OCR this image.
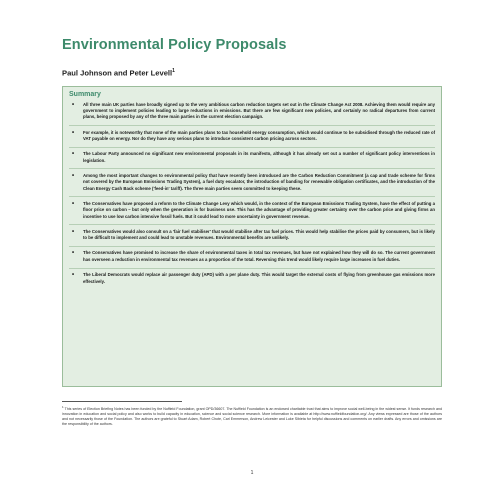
Environmental Policy Proposals
Paul Johnson and Peter Levell$^1$
Summary
• All three main UK parties have broadly signed up to the very ambitious carbon reduction targets set out in the Climate Change Act 2008. Achieving them would require any government to implement policies leading to large reductions in emissions. But there are few significant new policies, and certainly no radical departures from current plans, being proposed by any of the three main parties in the current election campaign.
• For example, it is noteworthy that none of the main parties plans to tax household energy consumption, which would continue to be subsidised through the reduced rate of VAT payable on energy. Nor do they have any serious plans to introduce consistent carbon pricing across sectors.
• The Labour Party announced no significant new environmental proposals in its manifesto, although it has already set out a number of significant policy interventions in legislation.
• Among the most important changes to environmental policy that have recently been introduced are the Carbon Reduction Commitment (a cap and trade scheme for firms not covered by the European Emissions Trading System), a fuel duty escalator, the introduction of banding for renewable obligation certificates, and the introduction of the Clean Energy Cash Back scheme ('feed-in' tariff). The three main parties seem committed to keeping these.
• The Conservatives have proposed a reform to the Climate Change Levy which would, in the context of the European Emissions Trading System, have the effect of putting a floor price on carbon – but only when the generation is for business use. This has the advantage of providing greater certainty over the carbon price and giving firms an incentive to use low carbon intensive fossil fuels. But it could lead to more uncertainty in government revenue.
• The Conservatives would also consult on a 'fair fuel stabiliser' that would stabilise after tax fuel prices. This would help stabilise the prices paid by consumers, but is likely to be difficult to implement and could lead to unstable revenues. Environmental benefits are unlikely.
• The Conservatives have promised to increase the share of environmental taxes in total tax revenues, but have not explained how they will do so. The current government has overseen a reduction in environmental tax revenues as a proportion of the total. Reversing this trend would likely require large increases in fuel duties.
• The Liberal Democrats would replace air passenger duty (APD) with a per plane duty. This would target the external costs of flying from greenhouse gas emissions more effectively.
$^1$ This series of Election Briefing Notes has been funded by the Nuffield Foundation, grant OPD/36607. The Nuffield Foundation is an endowed charitable trust that aims to improve social well-being in the widest sense. It funds research and innovation in education and social policy and also works to build capacity in education, science and social science research. More information is available at http://www.nuffieldfoundation.org/. Any views expressed are those of the authors and not necessarily those of the Foundation. The authors are grateful to Stuart Adam, Robert Chote, Carl Emmerson, Andrew Leicester and Luke Sibieta for helpful discussions and comments on earlier drafts. Any errors and omissions are the responsibility of the authors.
1
